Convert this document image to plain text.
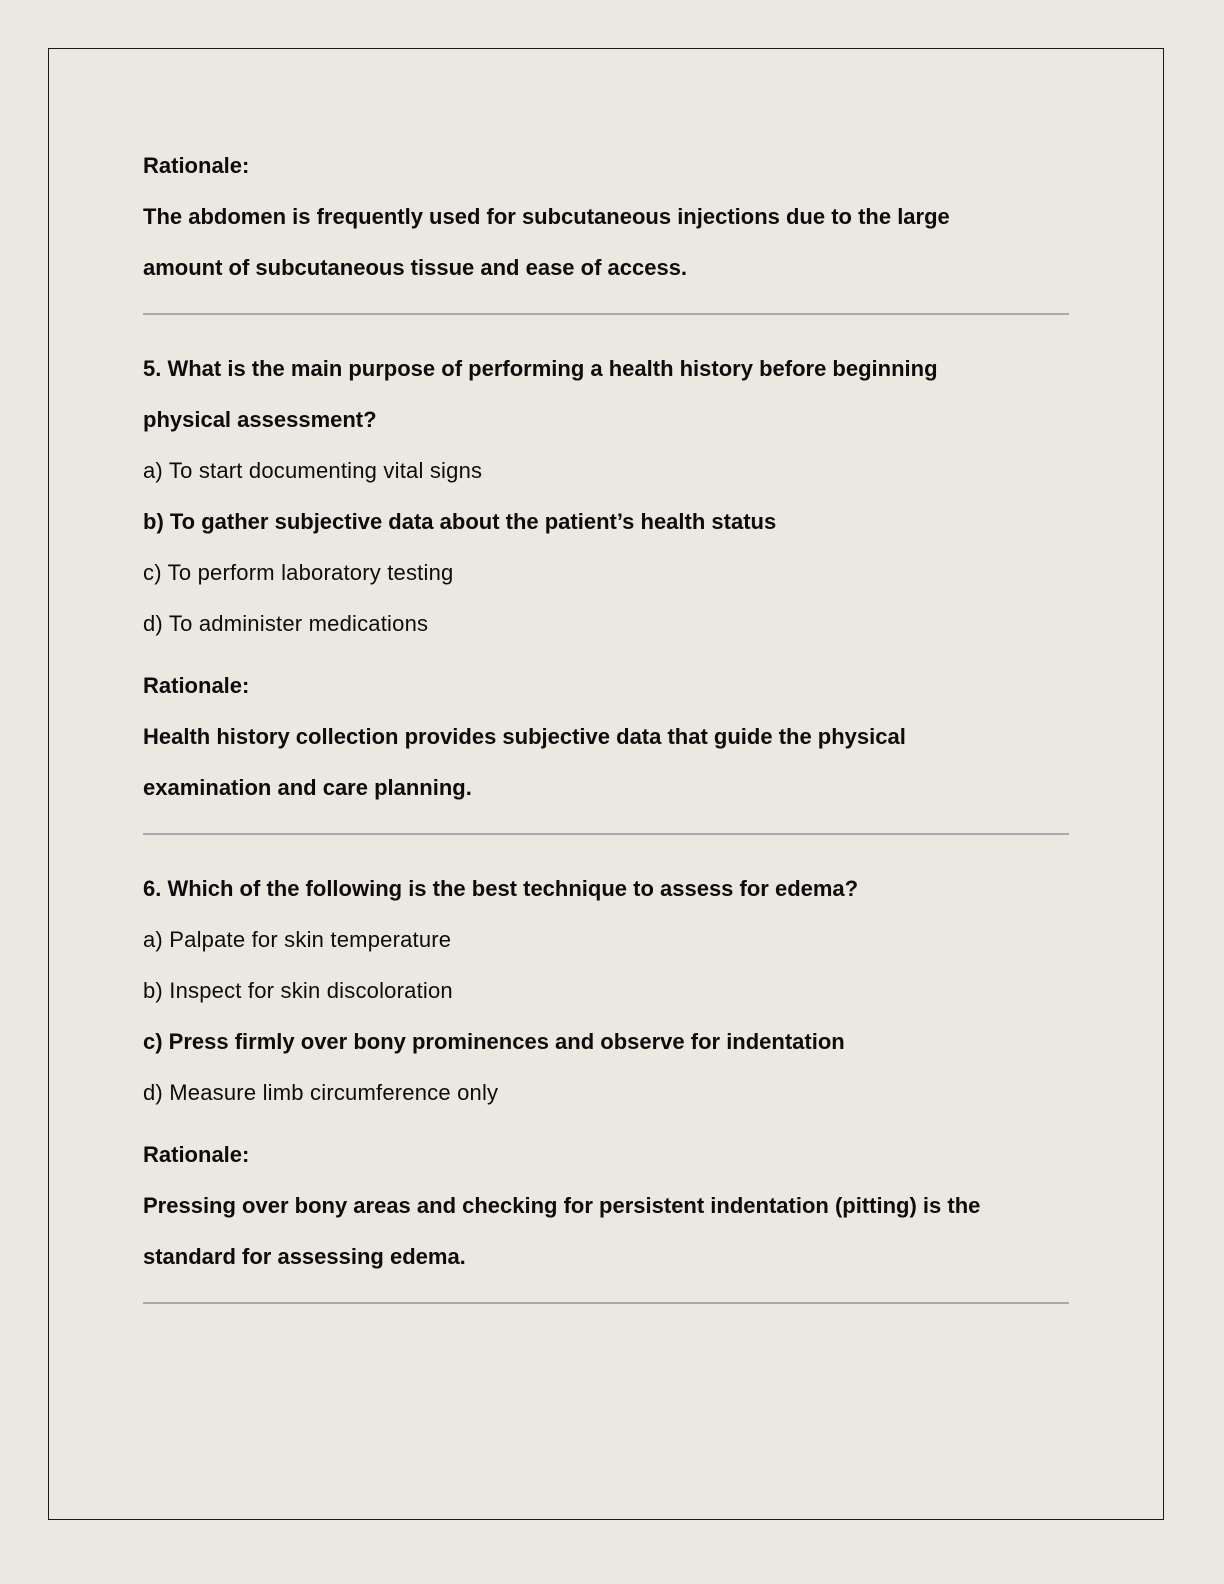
Rationale:
The abdomen is frequently used for subcutaneous injections due to the large
amount of subcutaneous tissue and ease of access.
5. What is the main purpose of performing a health history before beginning
physical assessment?
a) To start documenting vital signs
b) To gather subjective data about the patient’s health status
c) To perform laboratory testing
d) To administer medications
Rationale:
Health history collection provides subjective data that guide the physical
examination and care planning.
6. Which of the following is the best technique to assess for edema?
a) Palpate for skin temperature
b) Inspect for skin discoloration
c) Press firmly over bony prominences and observe for indentation
d) Measure limb circumference only
Rationale:
Pressing over bony areas and checking for persistent indentation (pitting) is the
standard for assessing edema.
